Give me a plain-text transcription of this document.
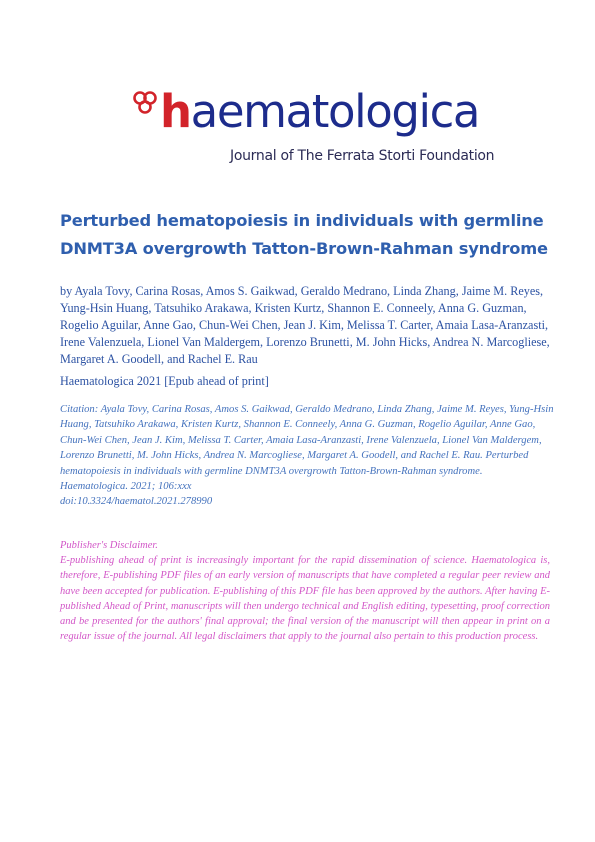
haematologica
Journal of The Ferrata Storti Foundation
Perturbed hematopoiesis in individuals with germline
DNMT3A overgrowth Tatton-Brown-Rahman syndrome

by Ayala Tovy, Carina Rosas, Amos S. Gaikwad, Geraldo Medrano, Linda Zhang, Jaime M. Reyes, Yung-Hsin Huang, Tatsuhiko Arakawa, Kristen Kurtz, Shannon E. Conneely, Anna G. Guzman, Rogelio Aguilar, Anne Gao, Chun-Wei Chen, Jean J. Kim, Melissa T. Carter, Amaia Lasa-Aranzasti, Irene Valenzuela, Lionel Van Maldergem, Lorenzo Brunetti, M. John Hicks, Andrea N. Marcogliese, Margaret A. Goodell, and Rachel E. Rau

Haematologica 2021 [Epub ahead of print]

Citation: Ayala Tovy, Carina Rosas, Amos S. Gaikwad, Geraldo Medrano, Linda Zhang, Jaime M. Reyes, Yung-Hsin Huang, Tatsuhiko Arakawa, Kristen Kurtz, Shannon E. Conneely, Anna G. Guzman, Rogelio Aguilar, Anne Gao, Chun-Wei Chen, Jean J. Kim, Melissa T. Carter, Amaia Lasa-Aranzasti, Irene Valenzuela, Lionel Van Maldergem, Lorenzo Brunetti, M. John Hicks, Andrea N. Marcogliese, Margaret A. Goodell, and Rachel E. Rau. Perturbed hematopoiesis in individuals with germline DNMT3A overgrowth Tatton-Brown-Rahman syndrome.
Haematologica. 2021; 106:xxx
doi:10.3324/haematol.2021.278990

Publisher's Disclaimer.
E-publishing ahead of print is increasingly important for the rapid dissemination of science. Haematologica is, therefore, E-publishing PDF files of an early version of manuscripts that have completed a regular peer review and have been accepted for publication. E-publishing of this PDF file has been approved by the authors. After having E-published Ahead of Print, manuscripts will then undergo technical and English editing, typesetting, proof correction and be presented for the authors' final approval; the final version of the manuscript will then appear in print on a regular issue of the journal. All legal disclaimers that apply to the journal also pertain to this production process.
